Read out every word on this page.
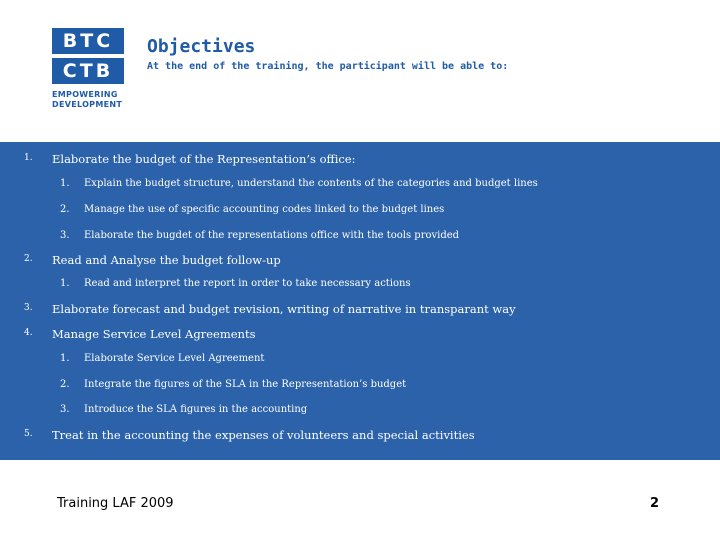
BTC
CTB
EMPOWERING
DEVELOPMENT
Objectives

At the end of the training, the participant will be able to:

1. Elaborate the budget of the Representation’s office:
1. Explain the budget structure, understand the contents of the categories and budget lines
2. Manage the use of specific accounting codes linked to the budget lines
3. Elaborate the bugdet of the representations office with the tools provided
2. Read and Analyse the budget follow-up
1. Read and interpret the report in order to take necessary actions
3. Elaborate forecast and budget revision, writing of narrative in transparant way
4. Manage Service Level Agreements
1. Elaborate Service Level Agreement
2. Integrate the figures of the SLA in the Representation’s budget
3. Introduce the SLA figures in the accounting
5. Treat in the accounting the expenses of volunteers and special activities
Training LAF 2009	2
